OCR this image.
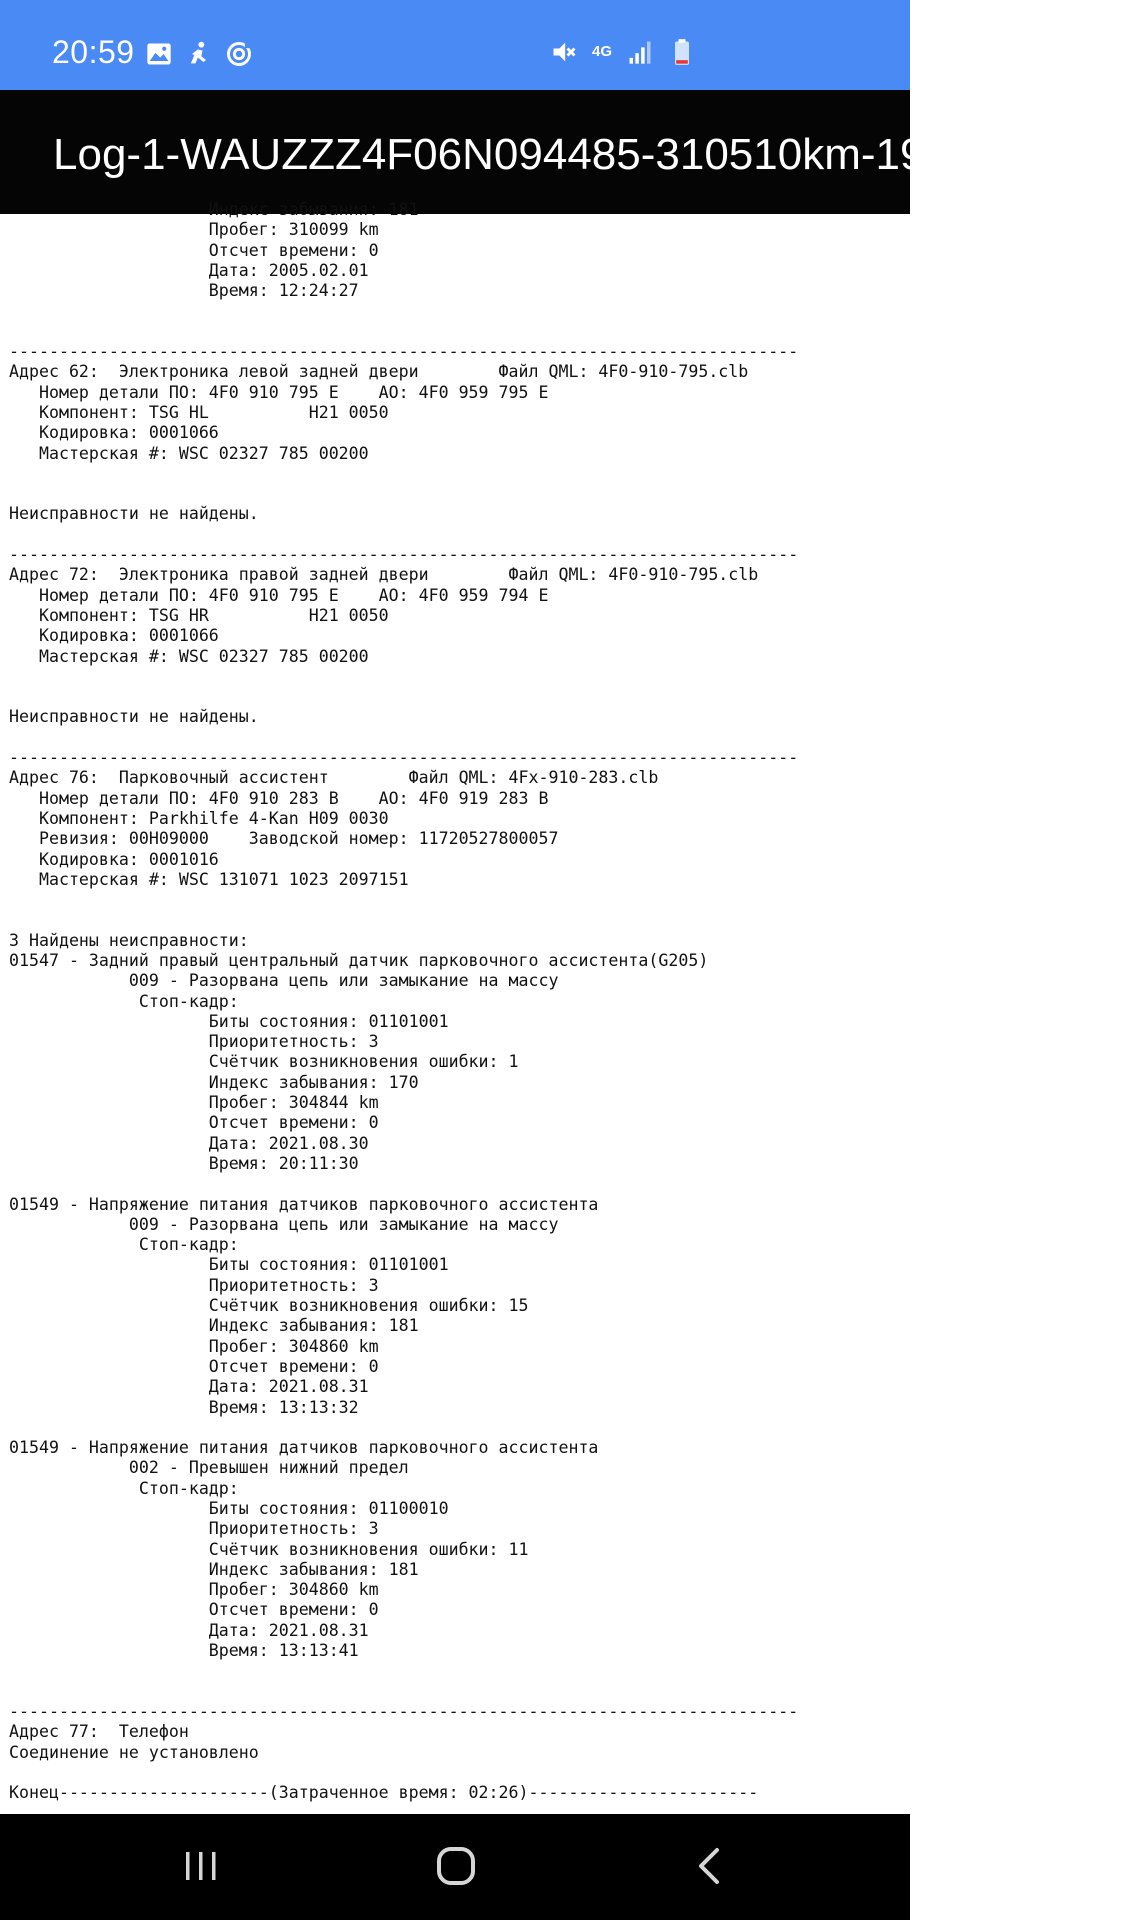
20:59	4G
Log-1-WAUZZZ4F06N094485-310510km-192964mi.txt
Индекс забывания: 181
Пробег: 310099 km
Отсчет времени: 0
Дата: 2005.02.01
Время: 12:24:27

-------------------------------------------------------------------------------
Адрес 62:  Электроника левой задней двери        Файл QML: 4F0-910-795.clb
Номер детали ПО: 4F0 910 795 E    AO: 4F0 959 795 E
Компонент: TSG HL          H21 0050
Кодировка: 0001066
Мастерская #: WSC 02327 785 00200

Неисправности не найдены.

-------------------------------------------------------------------------------
Адрес 72:  Электроника правой задней двери        Файл QML: 4F0-910-795.clb
Номер детали ПО: 4F0 910 795 E    AO: 4F0 959 794 E
Компонент: TSG HR          H21 0050
Кодировка: 0001066
Мастерская #: WSC 02327 785 00200

Неисправности не найдены.

-------------------------------------------------------------------------------
Адрес 76:  Парковочный ассистент        Файл QML: 4Fx-910-283.clb
Номер детали ПО: 4F0 910 283 B    AO: 4F0 919 283 B
Компонент: Parkhilfe 4-Kan H09 0030
Ревизия: 00H09000    Заводской номер: 11720527800057
Кодировка: 0001016
Мастерская #: WSC 131071 1023 2097151

3 Найдены неисправности:
01547 - Задний правый центральный датчик парковочного ассистента(G205)
009 - Разорвана цепь или замыкание на массу
Стоп-кадр:
Биты состояния: 01101001
Приоритетность: 3
Счётчик возникновения ошибки: 1
Индекс забывания: 170
Пробег: 304844 km
Отсчет времени: 0
Дата: 2021.08.30
Время: 20:11:30

01549 - Напряжение питания датчиков парковочного ассистента
009 - Разорвана цепь или замыкание на массу
Стоп-кадр:
Биты состояния: 01101001
Приоритетность: 3
Счётчик возникновения ошибки: 15
Индекс забывания: 181
Пробег: 304860 km
Отсчет времени: 0
Дата: 2021.08.31
Время: 13:13:32

01549 - Напряжение питания датчиков парковочного ассистента
002 - Превышен нижний предел
Стоп-кадр:
Биты состояния: 01100010
Приоритетность: 3
Счётчик возникновения ошибки: 11
Индекс забывания: 181
Пробег: 304860 km
Отсчет времени: 0
Дата: 2021.08.31
Время: 13:13:41

-------------------------------------------------------------------------------
Адрес 77:  Телефон
Соединение не установлено

Конец---------------------(Затраченное время: 02:26)-----------------------
